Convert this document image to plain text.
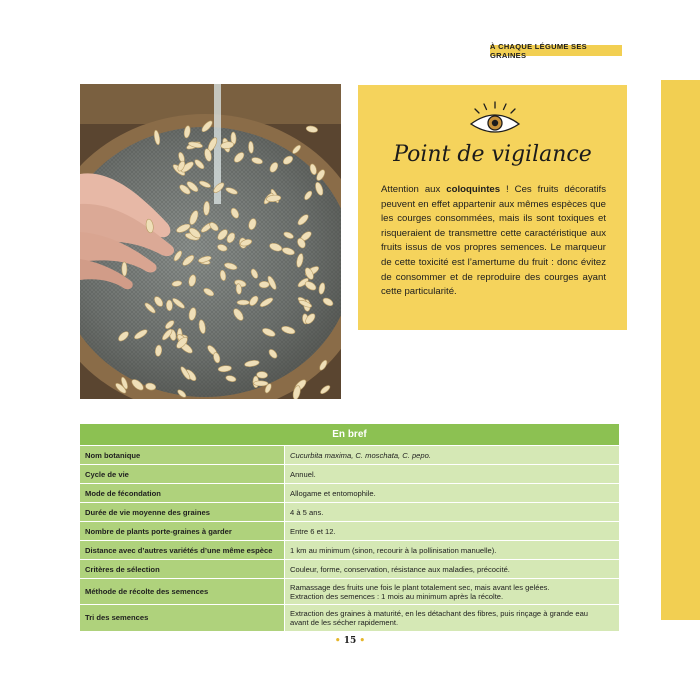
À CHAQUE LÉGUME SES GRAINES
Point de vigilance
Attention aux coloquintes ! Ces fruits décoratifs peuvent en effet appartenir aux mêmes espèces que les courges consommées, mais ils sont toxiques et risqueraient de transmettre cette caractéristique aux fruits issus de vos propres semences. Le marqueur de cette toxicité est l’amertume du fruit : donc évitez de consommer et de reproduire des courges ayant cette particularité.
En bref	
Nom botanique	Cucurbita maxima, C. moschata, C. pepo.
Cycle de vie	Annuel.
Mode de fécondation	Allogame et entomophile.
Durée de vie moyenne des graines	4 à 5 ans.
Nombre de plants porte-graines à garder	Entre 6 et 12.
Distance avec d’autres variétés d’une même espèce	1 km au minimum (sinon, recourir à la pollinisation manuelle).
Critères de sélection	Couleur, forme, conservation, résistance aux maladies, précocité.
Méthode de récolte des semences	Ramassage des fruits une fois le plant totalement sec, mais avant les gelées.
Extraction des semences : 1 mois au minimum après la récolte.

Tri des semences	Extraction des graines à maturité, en les détachant des fibres, puis rinçage à grande eau
avant de les sécher rapidement.
• 15 •
